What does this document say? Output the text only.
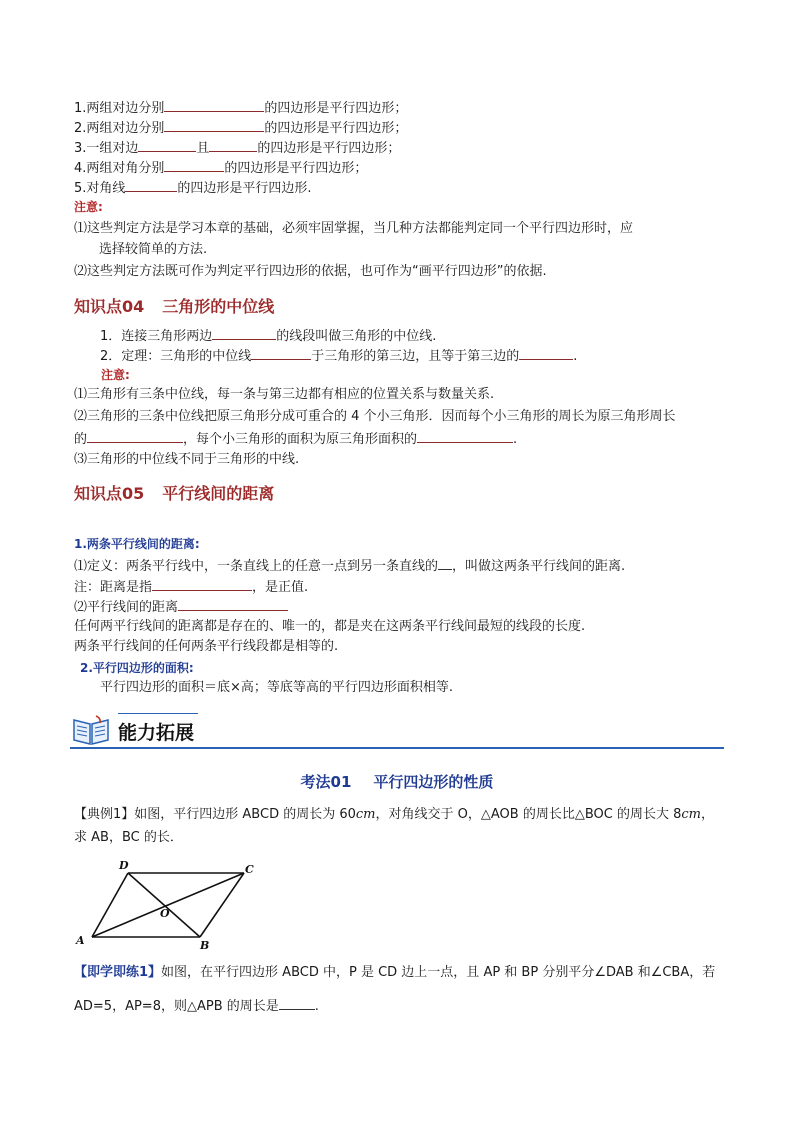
1.两组对边分别	的四边形是平行四边形；
2.两组对边分别	的四边形是平行四边形；
3.一组对边	且	的四边形是平行四边形；
4.两组对角分别	的四边形是平行四边形；
5.对角线	的四边形是平行四边形.
注意:
⑴这些判定方法是学习本章的基础，必须牢固掌握，当几种方法都能判定同一个平行四边形时，应
选择较简单的方法.
⑵这些判定方法既可作为判定平行四边形的依据，也可作为“画平行四边形”的依据.
知识点04 三角形的中位线
1．连接三角形两边	的线段叫做三角形的中位线.
2．定理：三角形的中位线	于三角形的第三边，且等于第三边的	.
注意:
⑴三角形有三条中位线，每一条与第三边都有相应的位置关系与数量关系.
⑵三角形的三条中位线把原三角形分成可重合的 4 个小三角形．因而每个小三角形的周长为原三角形周长
的	，每个小三角形的面积为原三角形面积的	.
⑶三角形的中位线不同于三角形的中线.
知识点05 平行线间的距离
1.两条平行线间的距离:
⑴定义：两条平行线中，一条直线上的任意一点到另一条直线的 ，叫做这两条平行线间的距离.
注：距离是指	，是正值.
⑵平行线间的距离
任何两平行线间的距离都是存在的、唯一的，都是夹在这两条平行线间最短的线段的长度.
两条平行线间的任何两条平行线段都是相等的.
2.平行四边形的面积:
平行四边形的面积＝底×高；等底等高的平行四边形面积相等.
能力拓展
考法01 平行四边形的性质
【典例1】如图，平行四边形 ABCD 的周长为 60cm，对角线交于 O，△AOB 的周长比△BOC 的周长大 8cm，
求 AB，BC 的长．
A	B
C
D
O
【即学即练1】如图，在平行四边形 ABCD 中，P 是 CD 边上一点，且 AP 和 BP 分别平分∠DAB 和∠CBA，若
AD=5，AP=8，则△APB 的周长是	.
